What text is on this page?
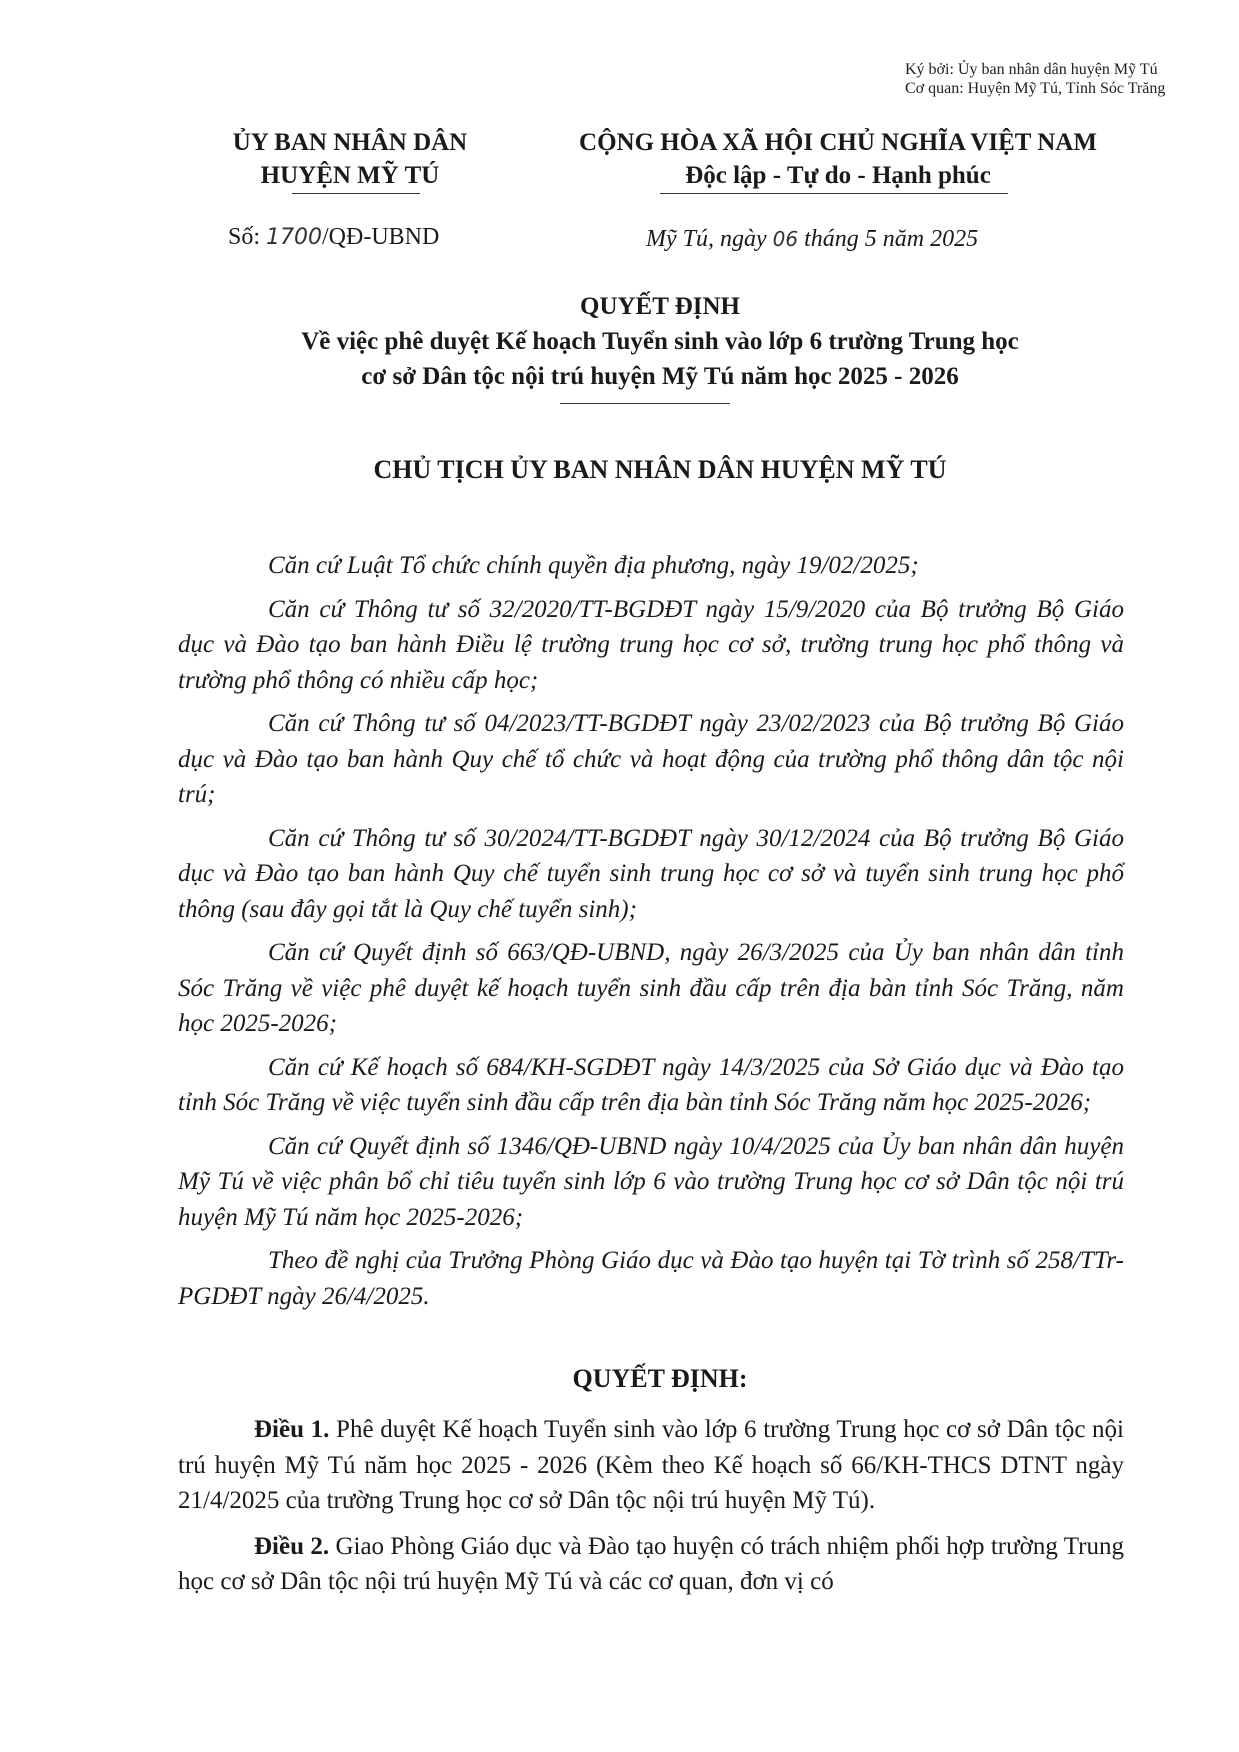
Ký bởi: Ủy ban nhân dân huyện Mỹ Tú
Cơ quan: Huyện Mỹ Tú, Tỉnh Sóc Trăng
ỦY BAN NHÂN DÂN
HUYỆN MỸ TÚ
CỘNG HÒA XÃ HỘI CHỦ NGHĨA VIỆT NAM
Độc lập - Tự do - Hạnh phúc
Số: 1700/QĐ-UBND	Mỹ Tú, ngày 06 tháng 5 năm 2025
QUYẾT ĐỊNH
Về việc phê duyệt Kế hoạch Tuyển sinh vào lớp 6 trường Trung học
cơ sở Dân tộc nội trú huyện Mỹ Tú năm học 2025 - 2026
CHỦ TỊCH ỦY BAN NHÂN DÂN HUYỆN MỸ TÚ

Căn cứ Luật Tổ chức chính quyền địa phương, ngày 19/02/2025;

Căn cứ Thông tư số 32/2020/TT-BGDĐT ngày 15/9/2020 của Bộ trưởng Bộ Giáo dục và Đào tạo ban hành Điều lệ trường trung học cơ sở, trường trung học phổ thông và trường phổ thông có nhiều cấp học;

Căn cứ Thông tư số 04/2023/TT-BGDĐT ngày 23/02/2023 của Bộ trưởng Bộ Giáo dục và Đào tạo ban hành Quy chế tổ chức và hoạt động của trường phổ thông dân tộc nội trú;

Căn cứ Thông tư số 30/2024/TT-BGDĐT ngày 30/12/2024 của Bộ trưởng Bộ Giáo dục và Đào tạo ban hành Quy chế tuyển sinh trung học cơ sở và tuyển sinh trung học phổ thông (sau đây gọi tắt là Quy chế tuyển sinh);

Căn cứ Quyết định số 663/QĐ-UBND, ngày 26/3/2025 của Ủy ban nhân dân tỉnh Sóc Trăng về việc phê duyệt kế hoạch tuyển sinh đầu cấp trên địa bàn tỉnh Sóc Trăng, năm học 2025-2026;

Căn cứ Kế hoạch số 684/KH-SGDĐT ngày 14/3/2025 của Sở Giáo dục và Đào tạo tỉnh Sóc Trăng về việc tuyển sinh đầu cấp trên địa bàn tỉnh Sóc Trăng năm học 2025-2026;

Căn cứ Quyết định số 1346/QĐ-UBND ngày 10/4/2025 của Ủy ban nhân dân huyện Mỹ Tú về việc phân bổ chỉ tiêu tuyển sinh lớp 6 vào trường Trung học cơ sở Dân tộc nội trú huyện Mỹ Tú năm học 2025-2026;

Theo đề nghị của Trưởng Phòng Giáo dục và Đào tạo huyện tại Tờ trình số 258/TTr-PGDĐT ngày 26/4/2025.

QUYẾT ĐỊNH:

Điều 1. Phê duyệt Kế hoạch Tuyển sinh vào lớp 6 trường Trung học cơ sở Dân tộc nội trú huyện Mỹ Tú năm học 2025 - 2026 (Kèm theo Kế hoạch số 66/KH-THCS DTNT ngày 21/4/2025 của trường Trung học cơ sở Dân tộc nội trú huyện Mỹ Tú).

Điều 2. Giao Phòng Giáo dục và Đào tạo huyện có trách nhiệm phối hợp trường Trung học cơ sở Dân tộc nội trú huyện Mỹ Tú và các cơ quan, đơn vị có
